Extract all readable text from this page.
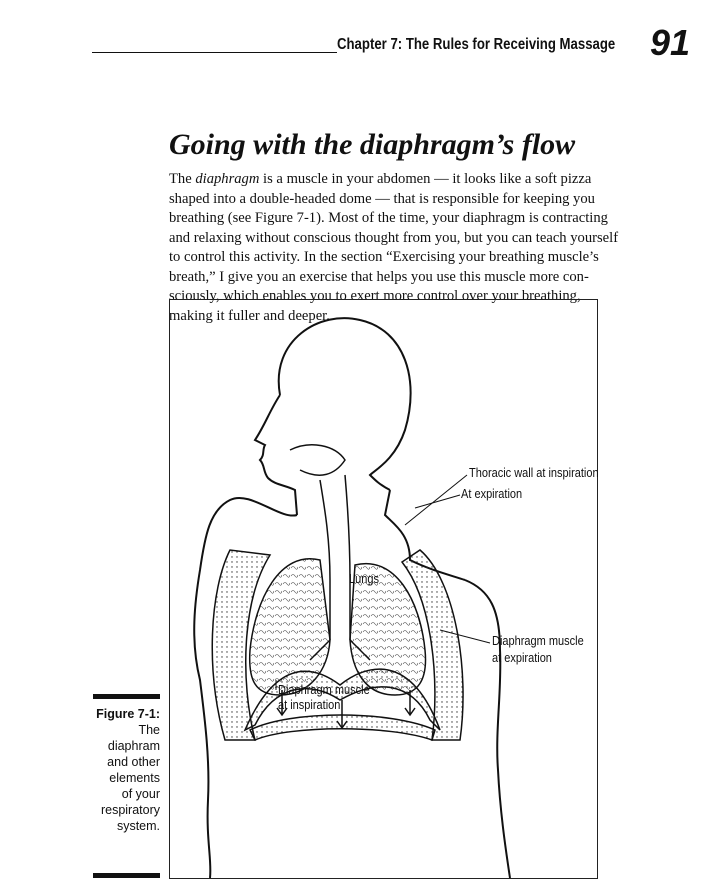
Chapter 7: The Rules for Receiving Massage 91
Going with the diaphragm’s flow
The diaphragm is a muscle in your abdomen — it looks like a soft pizza
shaped into a double-headed dome — that is responsible for keeping you
breathing (see Figure 7-1). Most of the time, your diaphragm is contracting
and relaxing without conscious thought from you, but you can teach yourself
to control this activity. In the section “Exercising your breathing muscle’s
breath,” I give you an exercise that helps you use this muscle more con-
sciously, which enables you to exert more control over your breathing,
making it fuller and deeper.
Thoracic wall at inspiration
At expiration
Lungs
Diaphragm muscle
at expiration
Diaphragm muscle
at inspiration
Figure 7-1:
The
diaphram
and other
elements
of your
respiratory
system.
